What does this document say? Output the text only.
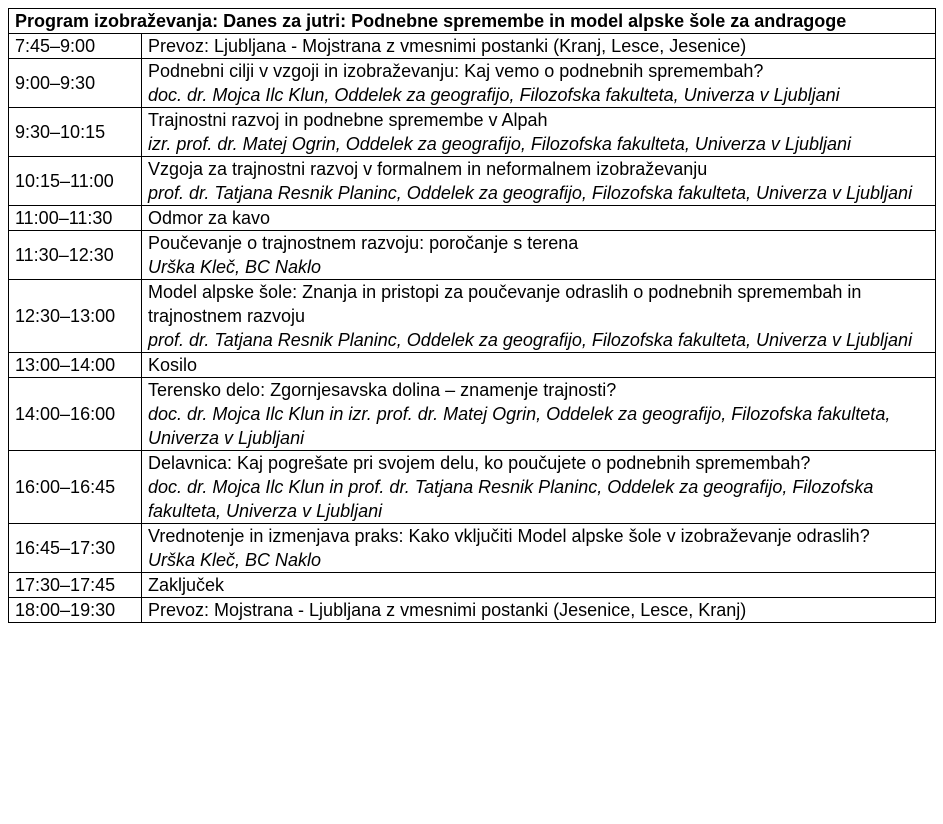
Program izobraževanja: Danes za jutri: Podnebne spremembe in model alpske šole za andragoge	
7:45–9:00	Prevoz: Ljubljana - Mojstrana z vmesnimi postanki (Kranj, Lesce, Jesenice)

9:00–9:30	Podnebni cilji v vzgoji in izobraževanju: Kaj vemo o podnebnih spremembah?
doc. dr. Mojca Ilc Klun, Oddelek za geografijo, Filozofska fakulteta, Univerza v Ljubljani

9:30–10:15	Trajnostni razvoj in podnebne spremembe v Alpah
izr. prof. dr. Matej Ogrin, Oddelek za geografijo, Filozofska fakulteta, Univerza v Ljubljani

10:15–11:00	Vzgoja za trajnostni razvoj v formalnem in neformalnem izobraževanju
prof. dr. Tatjana Resnik Planinc, Oddelek za geografijo, Filozofska fakulteta, Univerza v Ljubljani

11:00–11:30	Odmor za kavo

11:30–12:30	Poučevanje o trajnostnem razvoju: poročanje s terena
Urška Kleč, BC Naklo

12:30–13:00	Model alpske šole: Znanja in pristopi za poučevanje odraslih o podnebnih spremembah in trajnostnem razvoju
prof. dr. Tatjana Resnik Planinc, Oddelek za geografijo, Filozofska fakulteta, Univerza v Ljubljani

13:00–14:00	Kosilo

14:00–16:00	Terensko delo: Zgornjesavska dolina – znamenje trajnosti?
doc. dr. Mojca Ilc Klun in izr. prof. dr. Matej Ogrin, Oddelek za geografijo, Filozofska fakulteta, Univerza v Ljubljani

16:00–16:45	Delavnica: Kaj pogrešate pri svojem delu, ko poučujete o podnebnih spremembah?
doc. dr. Mojca Ilc Klun in prof. dr. Tatjana Resnik Planinc, Oddelek za geografijo, Filozofska fakulteta, Univerza v Ljubljani

16:45–17:30	Vrednotenje in izmenjava praks: Kako vključiti Model alpske šole v izobraževanje odraslih?
Urška Kleč, BC Naklo

17:30–17:45	Zaključek

18:00–19:30	Prevoz: Mojstrana - Ljubljana z vmesnimi postanki (Jesenice, Lesce, Kranj)
